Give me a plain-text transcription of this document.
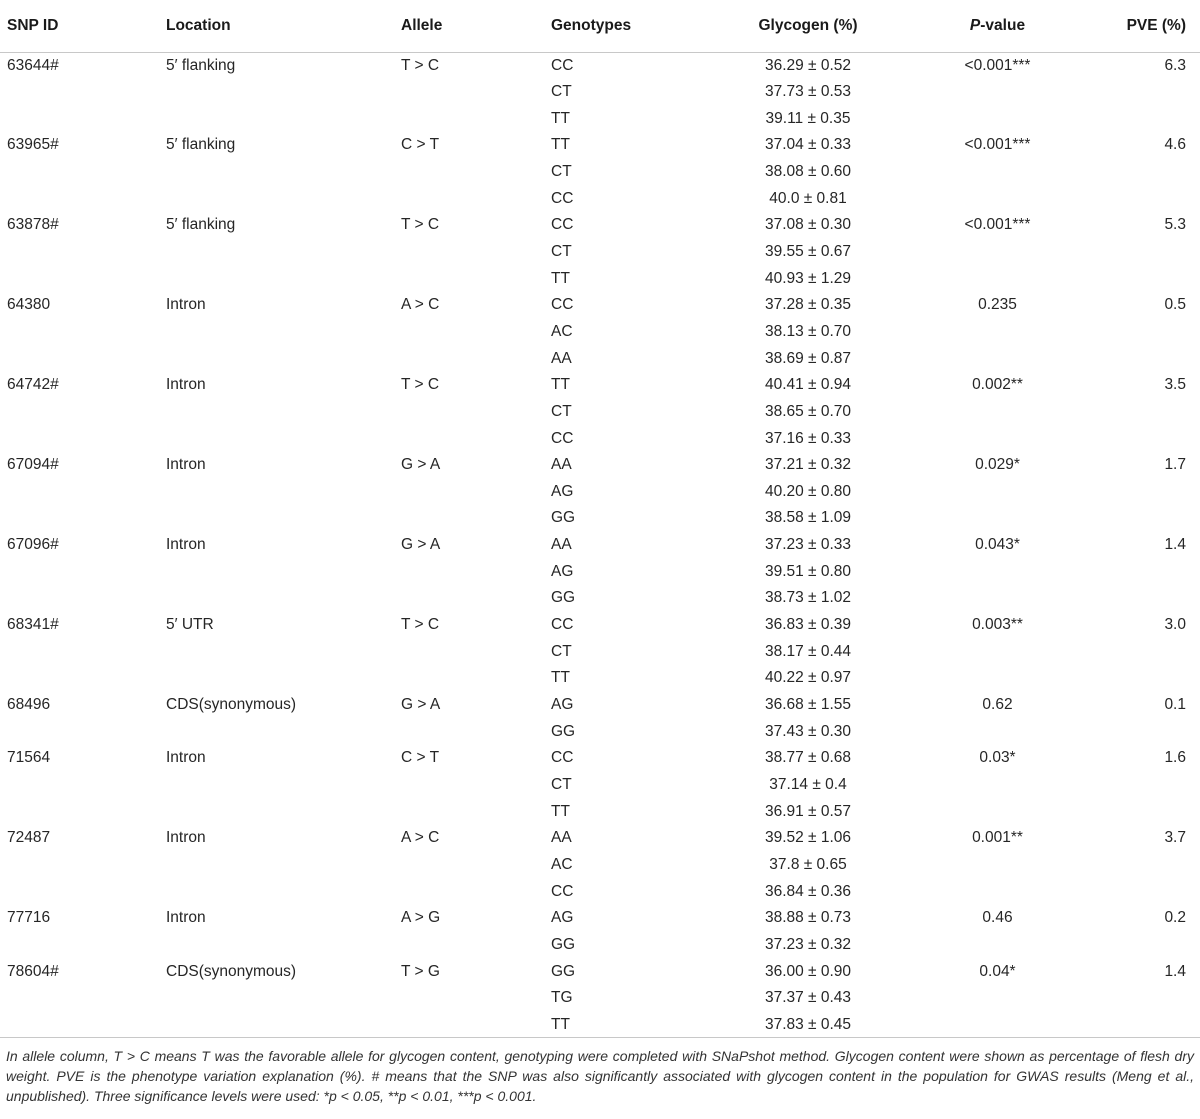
SNP ID	Location	Allele	Genotypes	Glycogen (%)	P-value	PVE (%)
63644#	5′ flanking	T > C	CC	36.29 ± 0.52	<0.001***	6.3
			CT	37.73 ± 0.53		
			TT	39.11 ± 0.35		
63965#	5′ flanking	C > T	TT	37.04 ± 0.33	<0.001***	4.6
			CT	38.08 ± 0.60		
			CC	40.0 ± 0.81		
63878#	5′ flanking	T > C	CC	37.08 ± 0.30	<0.001***	5.3
			CT	39.55 ± 0.67		
			TT	40.93 ± 1.29		
64380	Intron	A > C	CC	37.28 ± 0.35	0.235	0.5
			AC	38.13 ± 0.70		
			AA	38.69 ± 0.87		
64742#	Intron	T > C	TT	40.41 ± 0.94	0.002**	3.5
			CT	38.65 ± 0.70		
			CC	37.16 ± 0.33		
67094#	Intron	G > A	AA	37.21 ± 0.32	0.029*	1.7
			AG	40.20 ± 0.80		
			GG	38.58 ± 1.09		
67096#	Intron	G > A	AA	37.23 ± 0.33	0.043*	1.4
			AG	39.51 ± 0.80		
			GG	38.73 ± 1.02		
68341#	5′ UTR	T > C	CC	36.83 ± 0.39	0.003**	3.0
			CT	38.17 ± 0.44		
			TT	40.22 ± 0.97		
68496	CDS(synonymous)	G > A	AG	36.68 ± 1.55	0.62	0.1
			GG	37.43 ± 0.30		
71564	Intron	C > T	CC	38.77 ± 0.68	0.03*	1.6
			CT	37.14 ± 0.4		
			TT	36.91 ± 0.57		
72487	Intron	A > C	AA	39.52 ± 1.06	0.001**	3.7
			AC	37.8 ± 0.65		
			CC	36.84 ± 0.36		
77716	Intron	A > G	AG	38.88 ± 0.73	0.46	0.2
			GG	37.23 ± 0.32		
78604#	CDS(synonymous)	T > G	GG	36.00 ± 0.90	0.04*	1.4
			TG	37.37 ± 0.43		
			TT	37.83 ± 0.45		

In allele column, T > C means T was the favorable allele for glycogen content, genotyping were completed with SNaPshot method. Glycogen content were shown as percentage of flesh dry weight. PVE is the phenotype variation explanation (%). # means that the SNP was also significantly associated with glycogen content in the population for GWAS results (Meng et al., unpublished). Three significance levels were used: *p < 0.05, **p < 0.01, ***p < 0.001.
